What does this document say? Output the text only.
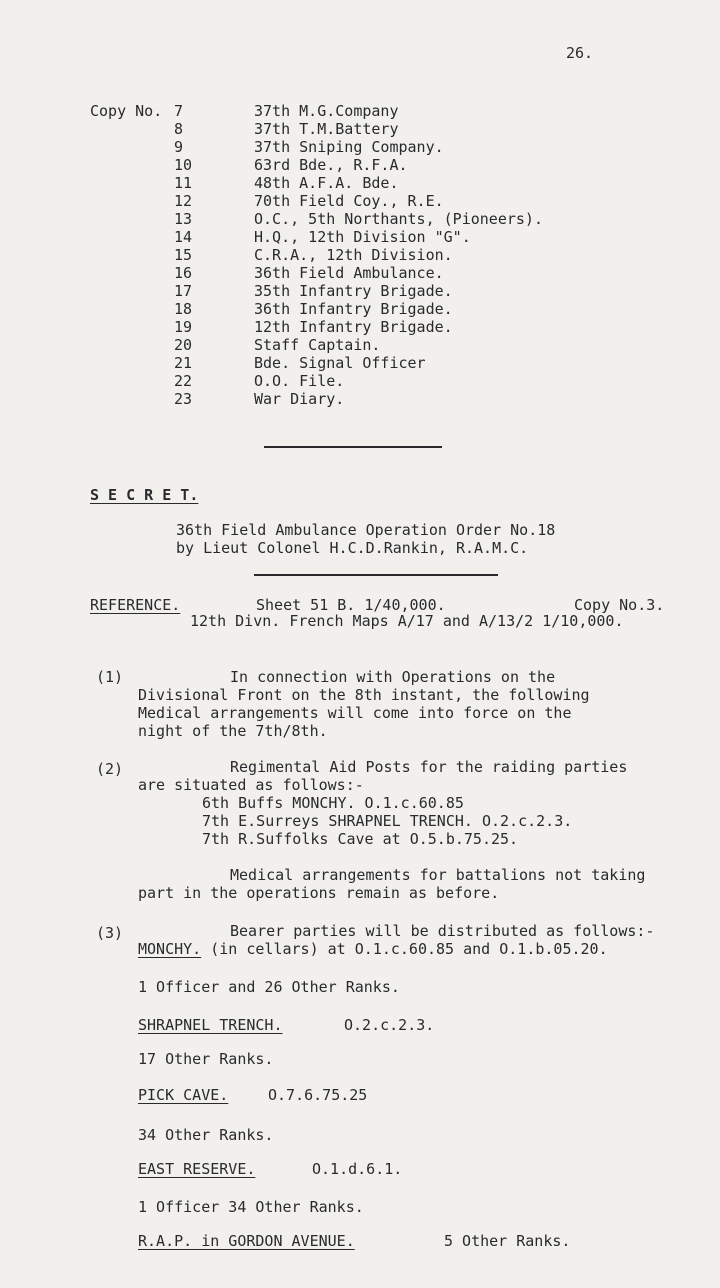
26.
Copy No. 7	37th M.G.Company
8	37th T.M.Battery
9	37th Sniping Company.
10	63rd Bde., R.F.A.
11	48th A.F.A. Bde.
12	70th Field Coy., R.E.
13	O.C., 5th Northants, (Pioneers).
14	H.Q., 12th Division "G".
15	C.R.A., 12th Division.
16	36th Field Ambulance.
17	35th Infantry Brigade.
18	36th Infantry Brigade.
19	12th Infantry Brigade.
20	Staff Captain.
21	Bde. Signal Officer
22	O.O. File.
23	War Diary.
S E C R E T.
36th Field Ambulance Operation Order No.18
by Lieut Colonel H.C.D.Rankin, R.A.M.C.
REFERENCE.	Sheet 51 B. 1/40,000.	Copy No.3.
12th Divn. French Maps A/17 and A/13/2 1/10,000.
(1)	In connection with Operations on the
Divisional Front on the 8th instant, the following
Medical arrangements will come into force on the
night of the 7th/8th.
(2)	Regimental Aid Posts for the raiding parties
are situated as follows:-
6th Buffs MONCHY. O.1.c.60.85
7th E.Surreys SHRAPNEL TRENCH. O.2.c.2.3.
7th R.Suffolks Cave at O.5.b.75.25.
Medical arrangements for battalions not taking
part in the operations remain as before.
(3)	Bearer parties will be distributed as follows:-
MONCHY. (in cellars) at O.1.c.60.85 and O.1.b.05.20.
1 Officer and 26 Other Ranks.
SHRAPNEL TRENCH.	O.2.c.2.3.
17 Other Ranks.
PICK CAVE.	O.7.6.75.25
34 Other Ranks.
EAST RESERVE.	O.1.d.6.1.
1 Officer 34 Other Ranks.
R.A.P. in GORDON AVENUE.	5 Other Ranks.
